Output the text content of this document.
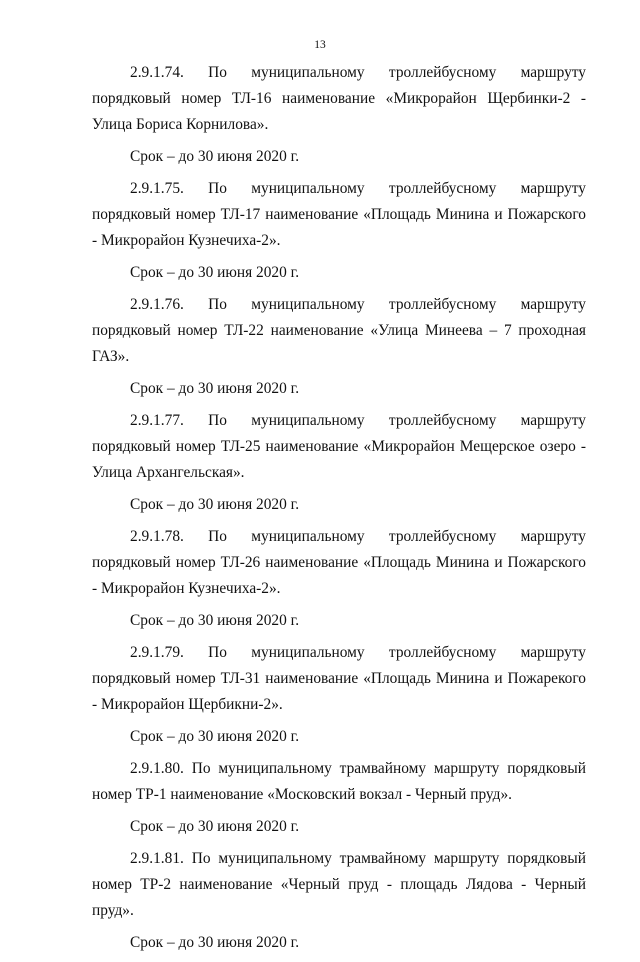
13

2.9.1.74. По муниципальному троллейбусному маршруту порядковый номер ТЛ-16 наименование «Микрорайон Щербинки-2 - Улица Бориса Корнилова».

Срок – до 30 июня 2020 г.

2.9.1.75. По муниципальному троллейбусному маршруту порядковый номер ТЛ-17 наименование «Площадь Минина и Пожарского - Микрорайон Кузнечиха-2».

Срок – до 30 июня 2020 г.

2.9.1.76. По муниципальному троллейбусному маршруту порядковый номер ТЛ-22 наименование «Улица Минеева – 7 проходная ГАЗ».

Срок – до 30 июня 2020 г.

2.9.1.77. По муниципальному троллейбусному маршруту порядковый номер ТЛ-25 наименование «Микрорайон Мещерское озеро - Улица Архангельская».

Срок – до 30 июня 2020 г.

2.9.1.78. По муниципальному троллейбусному маршруту порядковый номер ТЛ-26 наименование «Площадь Минина и Пожарского - Микрорайон Кузнечиха-2».

Срок – до 30 июня 2020 г.

2.9.1.79. По муниципальному троллейбусному маршруту порядковый номер ТЛ-31 наименование «Площадь Минина и Пожарекого - Микрорайон Щербикни-2».

Срок – до 30 июня 2020 г.

2.9.1.80. По муниципальному трамвайному маршруту порядковый номер ТР-1 наименование «Московский вокзал - Черный пруд».

Срок – до 30 июня 2020 г.

2.9.1.81. По муниципальному трамвайному маршруту порядковый номер ТР-2 наименование «Черный пруд - площадь Лядова - Черный пруд».

Срок – до 30 июня 2020 г.
